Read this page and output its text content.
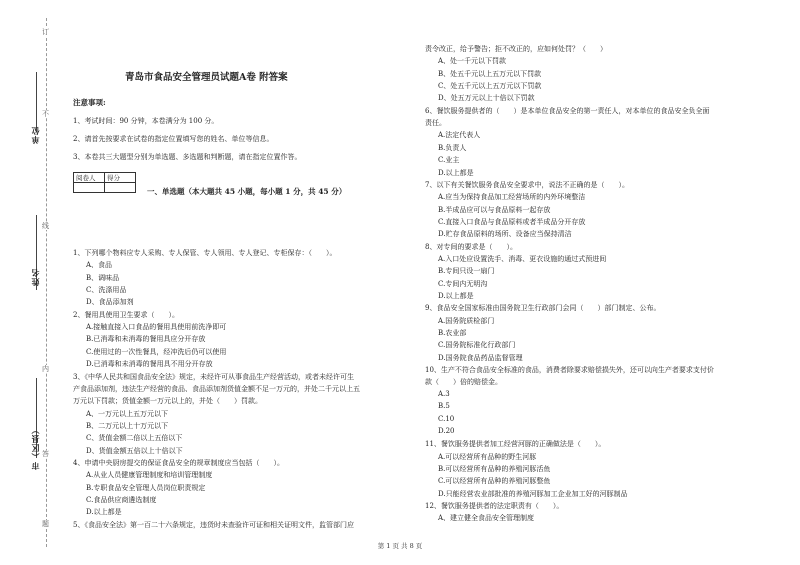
单位
姓名
市（区县）
订
不
线
内
答
题
青岛市食品安全管理员试题A卷 附答案
注意事项:
1、考试时间：90 分钟，本卷满分为 100 分。
2、请首先按要求在试卷的指定位置填写您的姓名、单位等信息。
3、本卷共三大题型分别为单选题、多选题和判断题，请在指定位置作答。
阅卷人	得分

一、单选题（本大题共 45 小题，每小题 1 分，共 45 分）
1、下列哪个物料应专人采购、专人保管、专人领用、专人登记、专柜保存：（　　）。
A、食品
B、调味品
C、洗涤用品
D、食品添加剂
2、餐用具使用卫生要求（　　）。
A.接触直接入口食品的餐用具使用前洗净即可
B.已消毒和未消毒的餐用具应分开存放
C.使用过的一次性餐具，经冲洗后仍可以使用
D.已消毒和未消毒的餐用具不用分开存放
3、《中华人民共和国食品安全法》规定，未经许可从事食品生产经营活动，或者未经许可生
产食品添加剂，违法生产经营的食品、食品添加剂货值金额不足一万元的，并处二千元以上五
万元以下罚款；货值金额一万元以上的，并处（　　）罚款。
A、一万元以上五万元以下
B、二万元以上十万元以下
C、货值金额二倍以上五倍以下
D、货值金额五倍以上十倍以下
4、申请中央厨房提交的保证食品安全的规章制度应当包括（　　）。
A.从业人员健康管理制度和培训管理制度
B.专职食品安全管理人员岗位职责规定
C.食品供应商遴选制度
D.以上都是
5、《食品安全法》第一百二十六条规定，违货时未查验许可证和相关证明文件，监管部门应
责令改正，给予警告；拒不改正的，应如何处罚？（　　）
A、处一千元以下罚款
B、处五千元以上五万元以下罚款
C、处五千元以上五万元以下罚款
D、处五万元以上十倍以下罚款
6、餐饮服务提供者的（　　）是本单位食品安全的第一责任人，对本单位的食品安全负全面
责任。
A.法定代表人
B.负责人
C.业主
D.以上都是
7、以下有关餐饮服务食品安全要求中，说法不正确的是（　　）。
A.应当为保持食品加工经营场所的内外环境整洁
B.半成品应可以与食品原料一起存放
C.直接入口食品与食品原料或者半成品分开存放
D.贮存食品原料的场所、设备应当保持清洁
8、对专间的要求是（　　）。
A.入口处应设置洗手、消毒、更衣设施的通过式预进间
B.专间只设一扇门
C.专间内无明沟
D.以上都是
9、食品安全国家标准由国务院卫生行政部门会同（　　）部门制定、公布。
A.国务院质检部门
B.农业部
C.国务院标准化行政部门
D.国务院食品药品监督管理
10、生产不符合食品安全标准的食品，消费者除要求赔偿损失外，还可以向生产者要求支付价
款（　　）倍的赔偿金。
A.3
B.5
C.10
D.20
11、餐饮服务提供者加工经营河豚的正确做法是（　　）。
A.可以经营所有品种的野生河豚
B.可以经营所有品种的养殖河豚活鱼
C.可以经营所有品种的养殖河豚整鱼
D.只能经营农业部批准的养殖河豚加工企业加工好的河豚制品
12、餐饮服务提供者的法定职责有（　　）。
A、建立健全食品安全管理制度
第 1 页 共 8 页
